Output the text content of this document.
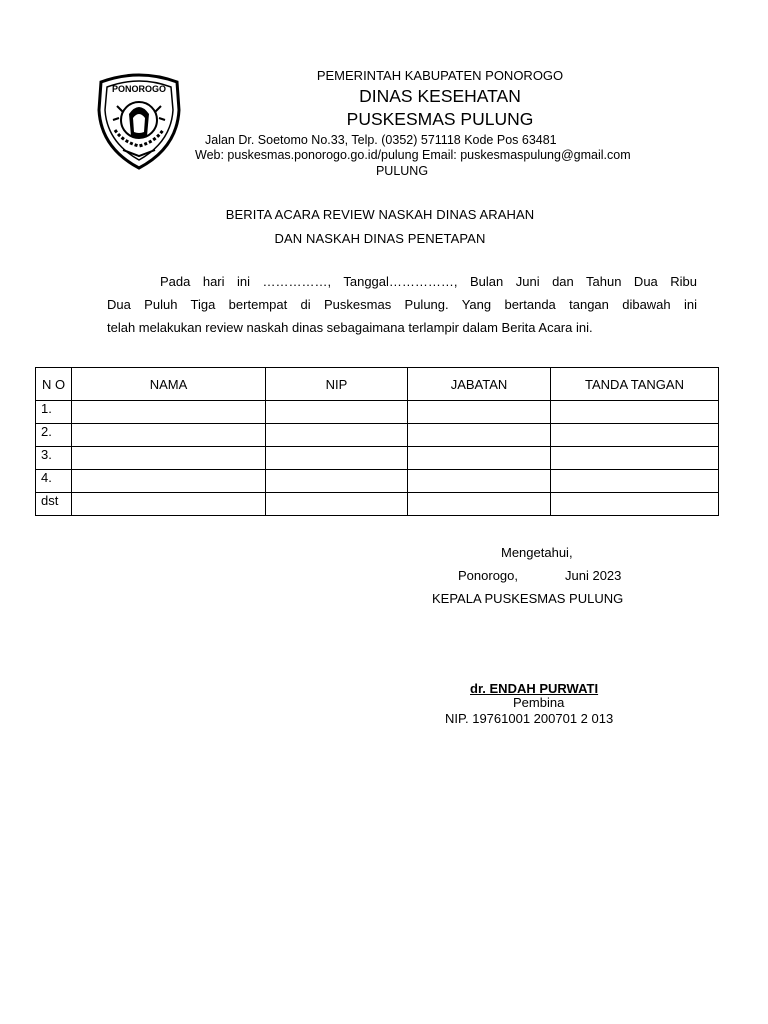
PONOROGO
PEMERINTAH KABUPATEN PONOROGO
DINAS KESEHATAN
PUSKESMAS PULUNG
Jalan Dr. Soetomo No.33, Telp. (0352) 571118 Kode Pos 63481
Web: puskesmas.ponorogo.go.id/pulung Email: puskesmaspulung@gmail.com
PULUNG
BERITA ACARA REVIEW NASKAH DINAS ARAHAN
DAN NASKAH DINAS PENETAPAN
Pada hari ini ……………, Tanggal……………, Bulan Juni dan Tahun Dua Ribu
Dua Puluh Tiga bertempat di Puskesmas Pulung. Yang bertanda tangan dibawah ini
telah melakukan review naskah dinas sebagaimana terlampir dalam Berita Acara ini.
N O	NAMA	NIP	JABATAN	TANDA TANGAN
1.				
2.				
3.				
4.				
dst				
Mengetahui,
Ponorogo,	Juni 2023
KEPALA PUSKESMAS PULUNG
dr. ENDAH PURWATI
Pembina
NIP. 19761001 200701 2 013
